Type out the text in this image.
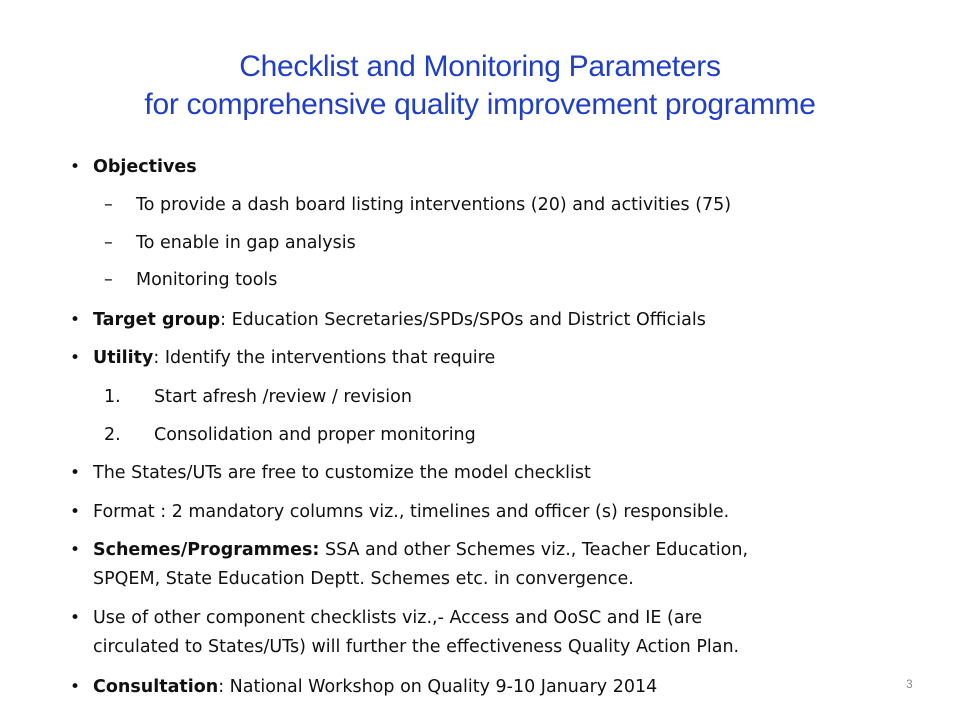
Checklist and Monitoring Parameters
for comprehensive quality improvement programme
• Objectives
– To provide a dash board listing interventions (20) and activities (75)
– To enable in gap analysis
– Monitoring tools
• Target group: Education Secretaries/SPDs/SPOs and District Officials
• Utility: Identify the interventions that require
1. Start afresh /review / revision
2. Consolidation and proper monitoring
• The States/UTs are free to customize the model checklist
• Format : 2 mandatory columns viz., timelines and officer (s) responsible.
• Schemes/Programmes: SSA and other Schemes viz., Teacher Education,
SPQEM, State Education Deptt. Schemes etc. in convergence.
• Use of other component checklists viz.,- Access and OoSC and IE (are
circulated to States/UTs) will further the effectiveness Quality Action Plan.
• Consultation: National Workshop on Quality 9-10 January 2014	3
